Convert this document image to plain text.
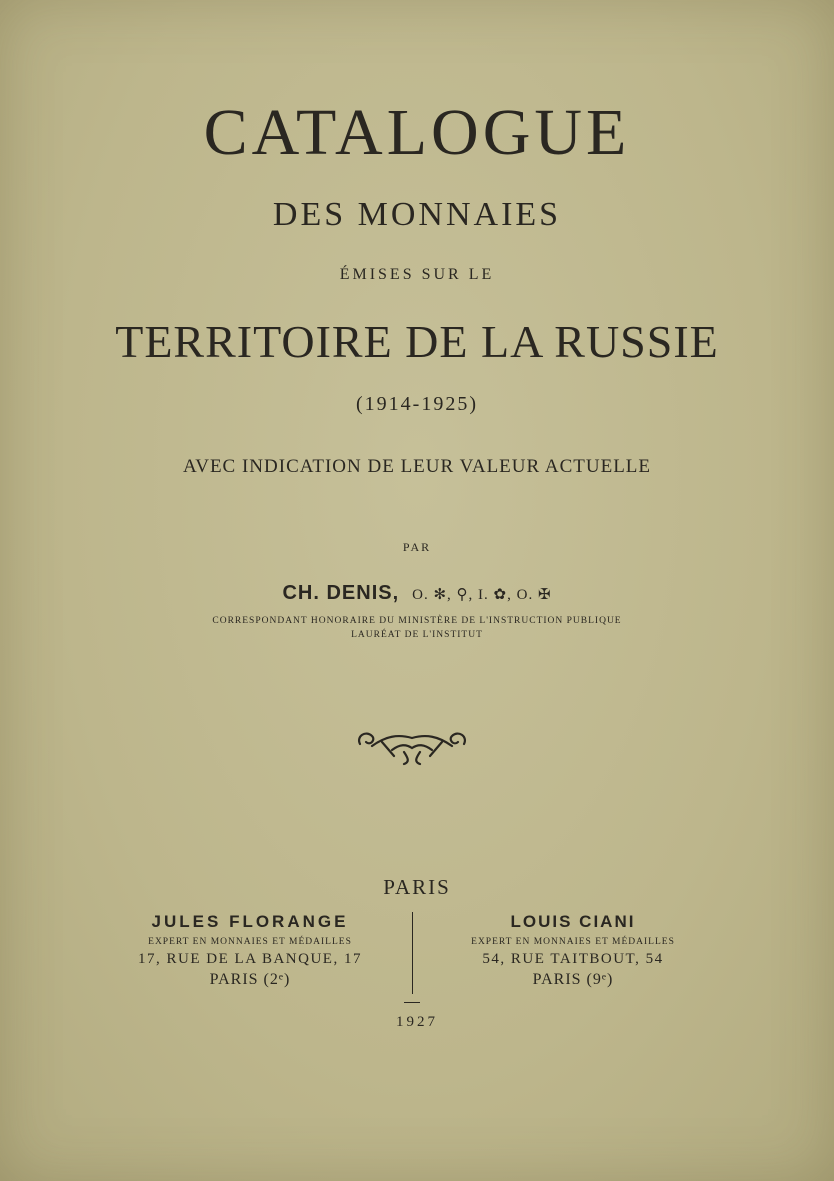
CATALOGUE
DES MONNAIES
ÉMISES SUR LE
TERRITOIRE DE LA RUSSIE
(1914-1925)
AVEC INDICATION DE LEUR VALEUR ACTUELLE
PAR
CH. DENIS, O. ✻, ⚲, I. ✿, O. ✠
CORRESPONDANT HONORAIRE DU MINISTÈRE DE L'INSTRUCTION PUBLIQUE
LAURÉAT DE L'INSTITUT
PARIS
JULES FLORANGE
EXPERT EN MONNAIES ET MÉDAILLES
17, RUE DE LA BANQUE, 17
PARIS (2ᵉ)
LOUIS CIANI
EXPERT EN MONNAIES ET MÉDAILLES
54, RUE TAITBOUT, 54
PARIS (9ᵉ)
1927
